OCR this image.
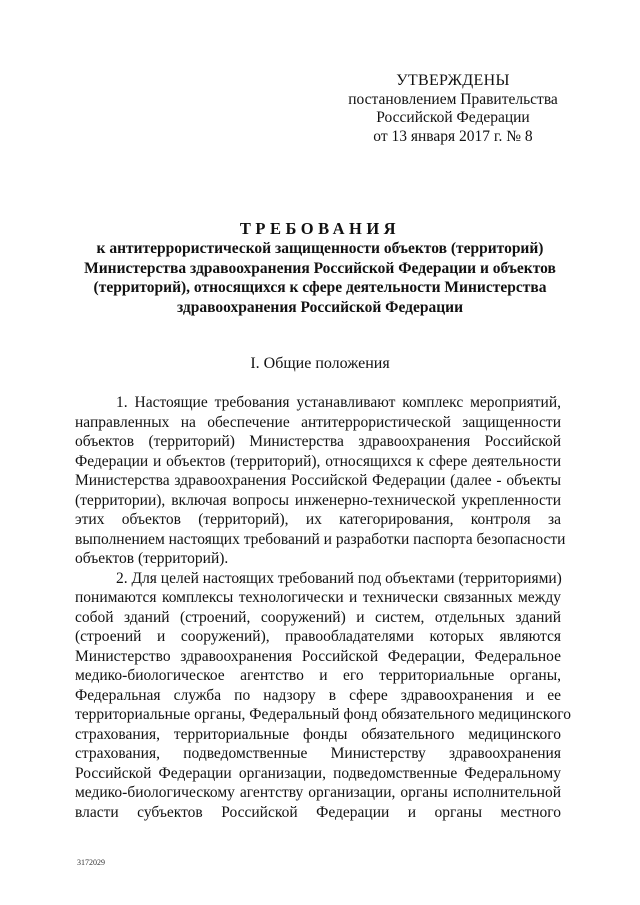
УТВЕРЖДЕНЫ
постановлением Правительства
Российской Федерации
от 13 января 2017 г. № 8
ТРЕБОВАНИЯ
к антитеррористической защищенности объектов (территорий)
Министерства здравоохранения Российской Федерации и объектов
(территорий), относящихся к сфере деятельности Министерства
здравоохранения Российской Федерации
I. Общие положения
1. Настоящие требования устанавливают комплекс мероприятий,
направленных на обеспечение антитеррористической защищенности
объектов (территорий) Министерства здравоохранения Российской
Федерации и объектов (территорий), относящихся к сфере деятельности
Министерства здравоохранения Российской Федерации (далее - объекты
(территории), включая вопросы инженерно-технической укрепленности
этих объектов (территорий), их категорирования, контроля за
выполнением настоящих требований и разработки паспорта безопасности
объектов (территорий).
2. Для целей настоящих требований под объектами (территориями)
понимаются комплексы технологически и технически связанных между
собой зданий (строений, сооружений) и систем, отдельных зданий
(строений и сооружений), правообладателями которых являются
Министерство здравоохранения Российской Федерации, Федеральное
медико-биологическое агентство и его территориальные органы,
Федеральная служба по надзору в сфере здравоохранения и ее
территориальные органы, Федеральный фонд обязательного медицинского
страхования, территориальные фонды обязательного медицинского
страхования, подведомственные Министерству здравоохранения
Российской Федерации организации, подведомственные Федеральному
медико-биологическому агентству организации, органы исполнительной
власти субъектов Российской Федерации и органы местного
3172029
